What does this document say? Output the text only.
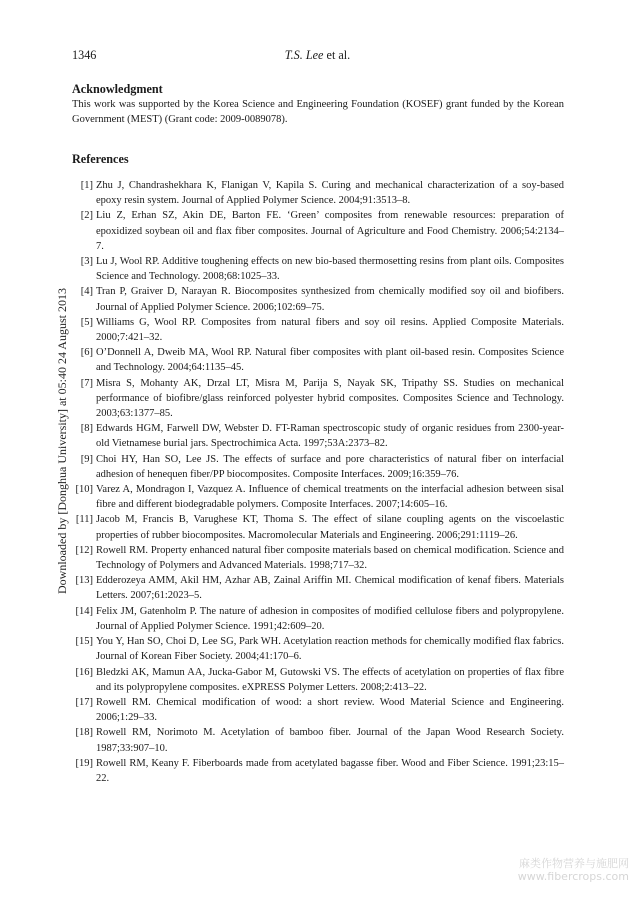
Downloaded by [Donghua University] at 05:40 24 August 2013
1346	T.S. Lee et al.
Acknowledgment
This work was supported by the Korea Science and Engineering Foundation (KOSEF) grant funded by the Korean Government (MEST) (Grant code: 2009-0089078).
References
[1] Zhu J, Chandrashekhara K, Flanigan V, Kapila S. Curing and mechanical characterization of a soy-based epoxy resin system. Journal of Applied Polymer Science. 2004;91:3513–8.
[2] Liu Z, Erhan SZ, Akin DE, Barton FE. ‘Green’ composites from renewable resources: preparation of epoxidized soybean oil and flax fiber composites. Journal of Agriculture and Food Chemistry. 2006;54:2134–7.
[3] Lu J, Wool RP. Additive toughening effects on new bio-based thermosetting resins from plant oils. Composites Science and Technology. 2008;68:1025–33.
[4] Tran P, Graiver D, Narayan R. Biocomposites synthesized from chemically modified soy oil and biofibers. Journal of Applied Polymer Science. 2006;102:69–75.
[5] Williams G, Wool RP. Composites from natural fibers and soy oil resins. Applied Composite Materials. 2000;7:421–32.
[6] O’Donnell A, Dweib MA, Wool RP. Natural fiber composites with plant oil-based resin. Composites Science and Technology. 2004;64:1135–45.
[7] Misra S, Mohanty AK, Drzal LT, Misra M, Parija S, Nayak SK, Tripathy SS. Studies on mechanical performance of biofibre/glass reinforced polyester hybrid composites. Composites Science and Technology. 2003;63:1377–85.
[8] Edwards HGM, Farwell DW, Webster D. FT-Raman spectroscopic study of organic residues from 2300-year-old Vietnamese burial jars. Spectrochimica Acta. 1997;53A:2373–82.
[9] Choi HY, Han SO, Lee JS. The effects of surface and pore characteristics of natural fiber on interfacial adhesion of henequen fiber/PP biocomposites. Composite Interfaces. 2009;16:359–76.
[10] Varez A, Mondragon I, Vazquez A. Influence of chemical treatments on the interfacial adhesion between sisal fibre and different biodegradable polymers. Composite Interfaces. 2007;14:605–16.
[11] Jacob M, Francis B, Varughese KT, Thoma S. The effect of silane coupling agents on the viscoelastic properties of rubber biocomposites. Macromolecular Materials and Engineering. 2006;291:1119–26.
[12] Rowell RM. Property enhanced natural fiber composite materials based on chemical modification. Science and Technology of Polymers and Advanced Materials. 1998;717–32.
[13] Edderozeya AMM, Akil HM, Azhar AB, Zainal Ariffin MI. Chemical modification of kenaf fibers. Materials Letters. 2007;61:2023–5.
[14] Felix JM, Gatenholm P. The nature of adhesion in composites of modified cellulose fibers and polypropylene. Journal of Applied Polymer Science. 1991;42:609–20.
[15] You Y, Han SO, Choi D, Lee SG, Park WH. Acetylation reaction methods for chemically modified flax fabrics. Journal of Korean Fiber Society. 2004;41:170–6.
[16] Bledzki AK, Mamun AA, Jucka-Gabor M, Gutowski VS. The effects of acetylation on properties of flax fibre and its polypropylene composites. eXPRESS Polymer Letters. 2008;2:413–22.
[17] Rowell RM. Chemical modification of wood: a short review. Wood Material Science and Engineering. 2006;1:29–33.
[18] Rowell RM, Norimoto M. Acetylation of bamboo fiber. Journal of the Japan Wood Research Society. 1987;33:907–10.
[19] Rowell RM, Keany F. Fiberboards made from acetylated bagasse fiber. Wood and Fiber Science. 1991;23:15–22.
麻类作物营养与施肥网
www.fibercrops.com
